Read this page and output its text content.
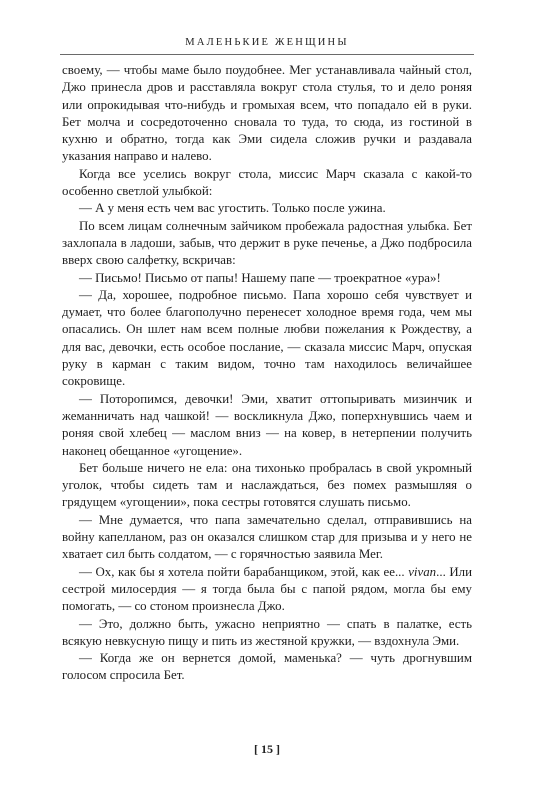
МАЛЕНЬКИЕ ЖЕНЩИНЫ

своему, — чтобы маме было поудобнее. Мег устанавливала чайный стол, Джо принесла дров и расставляла вокруг стола стулья, то и дело роняя или опрокидывая что-нибудь и громыхая всем, что попадало ей в руки. Бет молча и сосредоточенно сновала то туда, то сюда, из гостиной в кухню и обратно, тогда как Эми сидела сложив ручки и раздавала указания направо и налево.

Когда все уселись вокруг стола, миссис Марч сказала с какой-то особенно светлой улыбкой:

— А у меня есть чем вас угостить. Только после ужина.

По всем лицам солнечным зайчиком пробежала радостная улыбка. Бет захлопала в ладоши, забыв, что держит в руке печенье, а Джо подбросила вверх свою салфетку, вскричав:

— Письмо! Письмо от папы! Нашему папе — троекратное «ура»!

— Да, хорошее, подробное письмо. Папа хорошо себя чувствует и думает, что более благополучно перенесет холодное время года, чем мы опасались. Он шлет нам всем полные любви пожелания к Рождеству, а для вас, девочки, есть особое послание, — сказала миссис Марч, опуская руку в карман с таким видом, точно там находилось величайшее сокровище.

— Поторопимся, девочки! Эми, хватит оттопыривать мизинчик и жеманничать над чашкой! — воскликнула Джо, поперхнувшись чаем и роняя свой хлебец — маслом вниз — на ковер, в нетерпении получить наконец обещанное «угощение».

Бет больше ничего не ела: она тихонько пробралась в свой укромный уголок, чтобы сидеть там и наслаждаться, без помех размышляя о грядущем «угощении», пока сестры готовятся слушать письмо.

— Мне думается, что папа замечательно сделал, отправившись на войну капелланом, раз он оказался слишком стар для призыва и у него не хватает сил быть солдатом, — с горячностью заявила Мег.

— Ох, как бы я хотела пойти барабанщиком, этой, как ее... vivan... Или сестрой милосердия — я тогда была бы с папой рядом, могла бы ему помогать, — со стоном произнесла Джо.

— Это, должно быть, ужасно неприятно — спать в палатке, есть всякую невкусную пищу и пить из жестяной кружки, — вздохнула Эми.

— Когда же он вернется домой, маменька? — чуть дрогнувшим голосом спросила Бет.

[ 15 ]
